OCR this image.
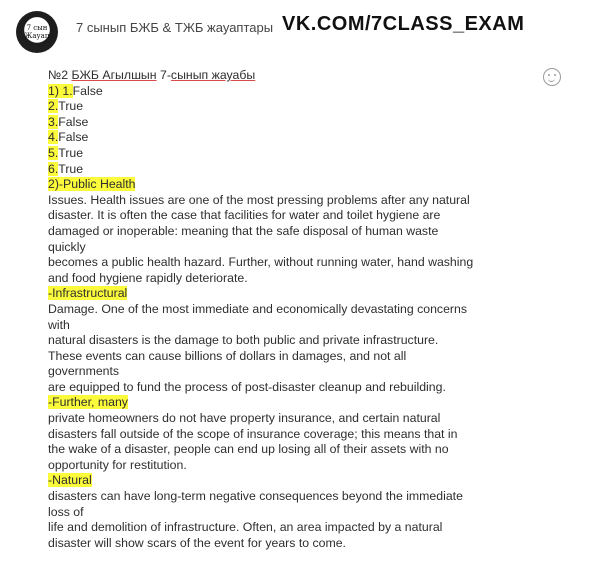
7 сын
Жауап
7 сынып БЖБ & ТЖБ жауаптары VK.COM/7CLASS_EXAM
№2 БЖБ Агылшын 7-сынып жауабы
1) 1.False
2.True
3.False
4.False
5.True
6.True
2)-Public Health
Issues. Health issues are one of the most pressing problems after any natural
disaster. It is often the case that facilities for water and toilet hygiene are
damaged or inoperable: meaning that the safe disposal of human waste
quickly
becomes a public health hazard. Further, without running water, hand washing
and food hygiene rapidly deteriorate.
-Infrastructural
Damage. One of the most immediate and economically devastating concerns
with
natural disasters is the damage to both public and private infrastructure.
These events can cause billions of dollars in damages, and not all
governments
are equipped to fund the process of post-disaster cleanup and rebuilding.
-Further, many
private homeowners do not have property insurance, and certain natural
disasters fall outside of the scope of insurance coverage; this means that in
the wake of a disaster, people can end up losing all of their assets with no
opportunity for restitution.
-Natural
disasters can have long-term negative consequences beyond the immediate
loss of
life and demolition of infrastructure. Often, an area impacted by a natural
disaster will show scars of the event for years to come.
